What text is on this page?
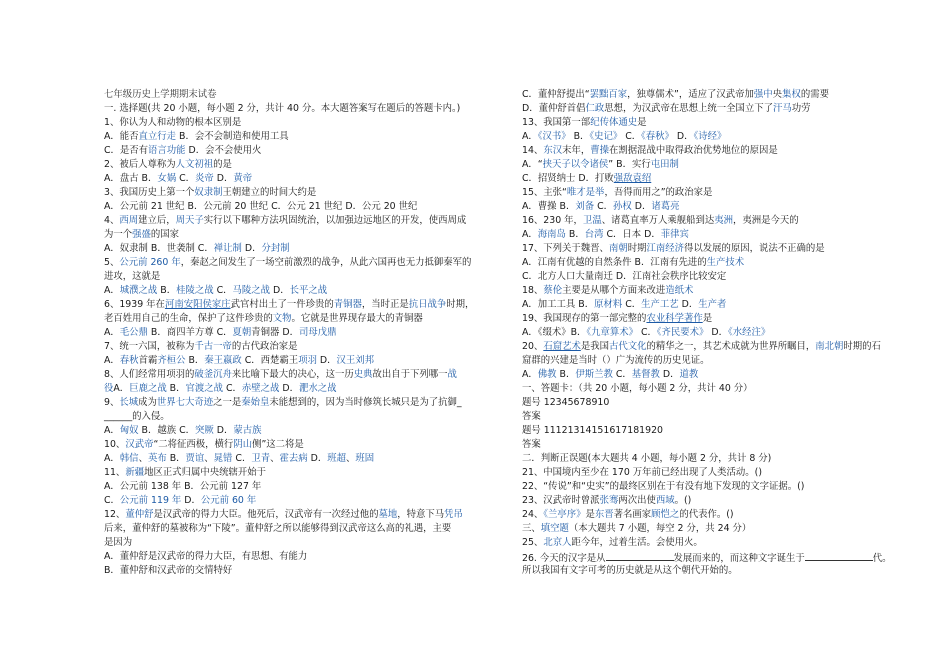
七年级历史上学期期末试卷
一. 选择题(共 20 小题，每小题 2 分，共计 40 分。本大题答案写在题后的答题卡内。)
1、你认为人和动物的根本区别是
A．能否直立行走 B．会不会制造和使用工具
C．是否有语言功能 D．会不会使用火
2、被后人尊称为人文初祖的是
A．盘古 B．女娲 C．炎帝 D．黄帝
3、我国历史上第一个奴隶制王朝建立的时间大约是
A．公元前 21 世纪 B．公元前 20 世纪 C．公元 21 世纪 D．公元 20 世纪
4、西周建立后，周天子实行以下哪种方法巩固统治，以加强边远地区的开发，使西周成
为一个强盛的国家
A．奴隶制 B．世袭制 C．禅让制 D．分封制
5、公元前 260 年，秦赵之间发生了一场空前激烈的战争，从此六国再也无力抵御秦军的
进攻，这就是
A．城濮之战 B．桂陵之战 C．马陵之战 D．长平之战
6、1939 年在河南安阳侯家庄武官村出土了一件珍贵的青铜器，当时正是抗日战争时期，
老百姓用自己的生命，保护了这件珍贵的文物。它就是世界现存最大的青铜器
A．毛公鼎 B．商四羊方尊 C．夏朝青铜器 D．司母戊鼎
7、统一六国，被称为千古一帝的古代政治家是
A．春秋首霸齐桓公 B．秦王嬴政 C．西楚霸王项羽 D．汉王刘邦
8、人们经常用项羽的破釜沉舟来比喻下最大的决心，这一历史典故出自于下列哪一战
役A．巨鹿之战 B．官渡之战 C．赤壁之战 D．淝水之战
9、长城成为世界七大奇迹之一是秦始皇未能想到的，因为当时修筑长城只是为了抗御_
______的入侵。
A．匈奴 B．越族 C．突厥 D．蒙古族
10、汉武帝“二将征西极，横行阴山侧”这二将是
A．韩信、英布 B．贾谊、晁错 C．卫青、霍去病 D．班超、班固
11、新疆地区正式归属中央统辖开始于
A．公元前 138 年 B．公元前 127 年
C．公元前 119 年 D．公元前 60 年
12、董仲舒是汉武帝的得力大臣。他死后，汉武帝有一次经过他的墓地，特意下马凭吊
后来，董仲舒的墓被称为“下陵”。董仲舒之所以能够得到汉武帝这么高的礼遇，主要
是因为
A．董仲舒是汉武帝的得力大臣，有思想、有能力
B．董仲舒和汉武帝的交情特好
C．董仲舒提出“罢黜百家，独尊儒术”，适应了汉武帝加强中央集权的需要
D．董仲舒首倡仁政思想，为汉武帝在思想上统一全国立下了汗马功劳
13、我国第一部纪传体通史是
A．《汉书》 B．《史记》 C．《春秋》 D．《诗经》
14、东汉末年，曹操在割据混战中取得政治优势地位的原因是
A．“挟天子以令诸侯” B．实行屯田制
C．招贤纳士 D．打败强敌袁绍
15、主张“唯才是举，吾得而用之”的政治家是
A．曹操 B．刘备 C．孙权 D．诸葛亮
16、230 年，卫温、诸葛直率万人乘舰船到达夷洲，夷洲是今天的
A．海南岛 B．台湾 C．日本 D．菲律宾
17、下列关于魏晋、南朝时期江南经济得以发展的原因，说法不正确的是
A．江南有优越的自然条件 B．江南有先进的生产技术
C．北方人口大量南迁 D．江南社会秩序比较安定
18、蔡伦主要是从哪个方面来改进造纸术
A．加工工具 B．原材料 C．生产工艺 D．生产者
19、我国现存的第一部完整的农业科学著作是
A．《缀术》B．《九章算术》 C．《齐民要术》 D．《水经注》
20、石窟艺术是我国古代文化的精华之一，其艺术成就为世界所瞩目，南北朝时期的石
窟群的兴建是当时（）广为流传的历史见证。
A．佛教 B．伊斯兰教 C．基督教 D．道教
一、答题卡：（共 20 小题，每小题 2 分，共计 40 分）
题号 12345678910
答案
题号 11121314151617181920
答案
二．判断正误题(本大题共 4 小题，每小题 2 分，共计 8 分)
21、中国境内至少在 170 万年前已经出现了人类活动。()
22、“传说”和“史实”的最终区别在于有没有地下发现的文字证据。()
23、汉武帝时曾派张骞两次出使西域。()
24、《兰亭序》是东晋著名画家顾恺之的代表作。()
三、填空题（本大题共 7 小题，每空 2 分，共 24 分）
25、北京人距今年，过着生活。会使用火。
26. 今天的汉字是从	发展而来的，而这种文字诞生于	代。
所以我国有文字可考的历史就是从这个朝代开始的。
